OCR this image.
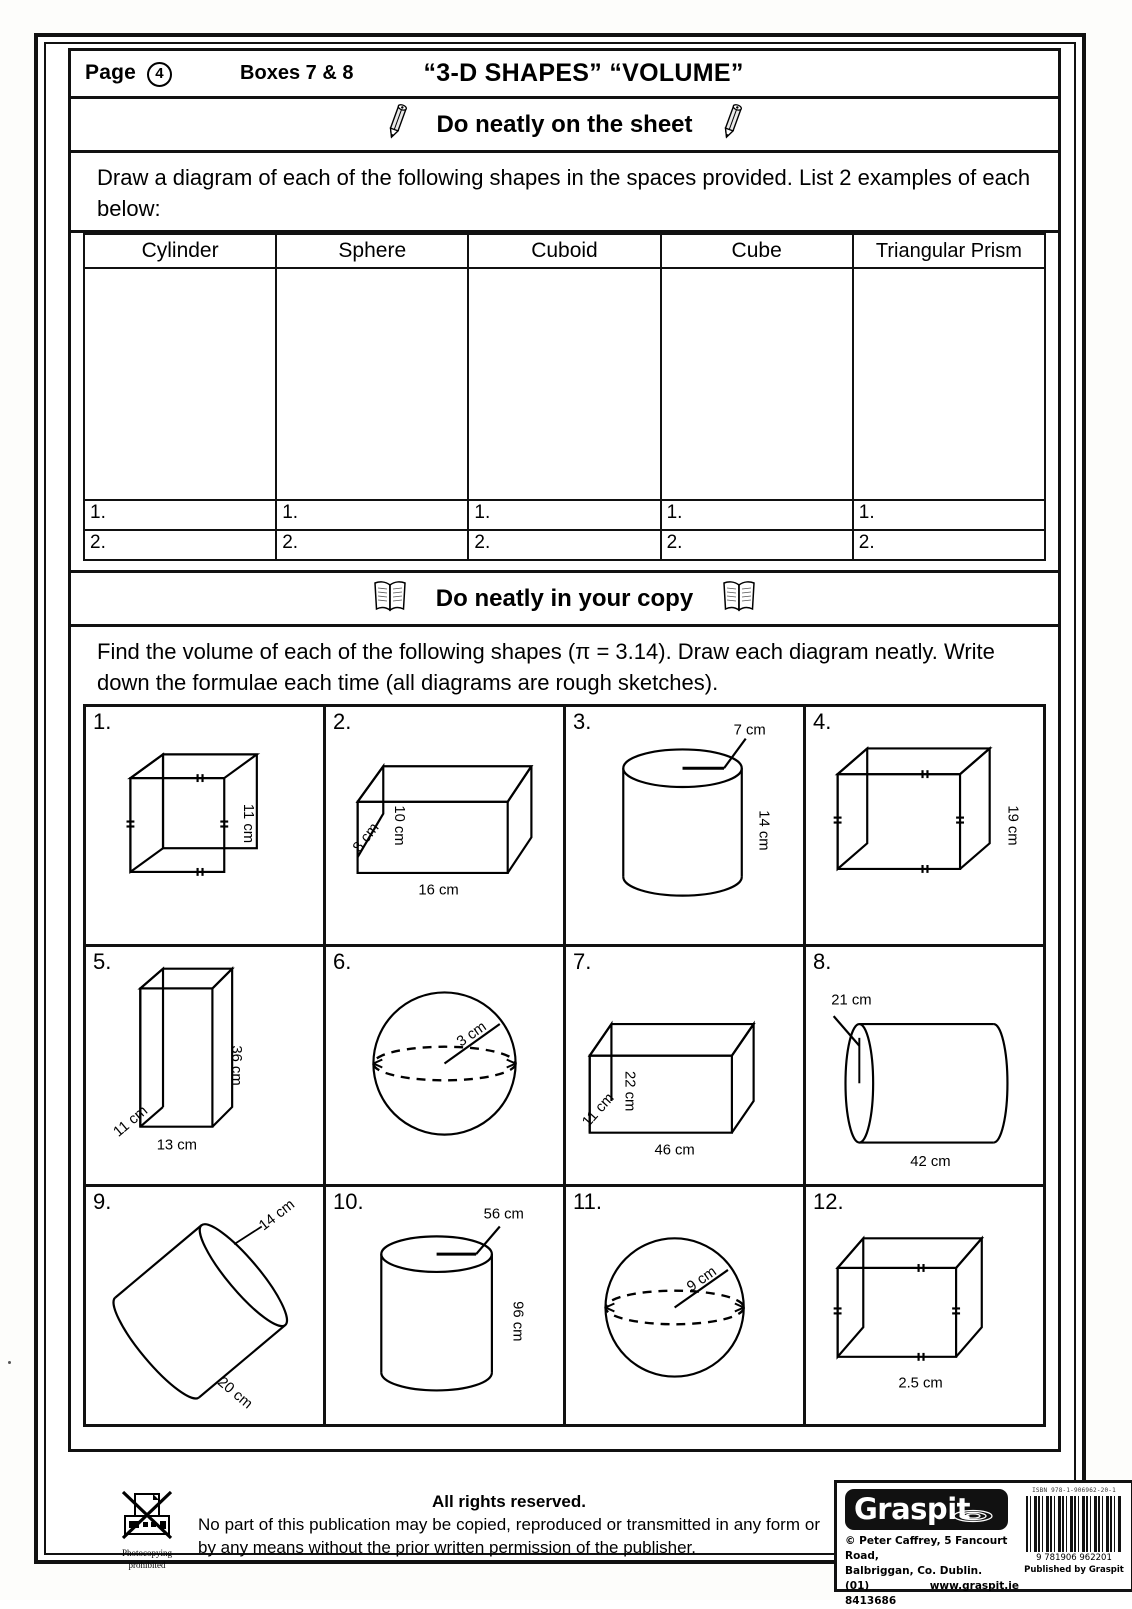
Page 4	Boxes 7 & 8	“3-D SHAPES” “VOLUME”
Do neatly on the sheet
Draw a diagram of each of the following shapes in the spaces provided. List 2 examples of each below:
Cylinder	Sphere	Cuboid	Cube	Triangular Prism

1.	1.	1.	1.	1.
2.	2.	2.	2.	2.
Do neatly in your copy
Find the volume of each of the following shapes (π = 3.14). Draw each diagram neatly. Write down the formulae each time (all diagrams are rough sketches).
1.
11 cm	2.
10 cm
8 cm
16 cm	3. 7 cm
14 cm	4.
19 cm

5.
36 cm
11 cm
13 cm	6.
3 cm	7.
22 cm
11 cm
46 cm	8.
21 cm
42 cm

9. 14 cm
20 cm	10.
56 cm
96 cm	11.
9 cm	12.
2.5 cm
Photocopying
prohibited
All rights reserved.
No part of this publication may be copied, reproduced or transmitted in any form or by any means without the prior written permission of the publisher.
Graspit
© Peter Caffrey, 5 Fancourt Road,
Balbriggan, Co. Dublin.
(01) 8413686
www.graspit.ie
ISBN 978-1-906962-20-1
9 781906 962201
Published by Graspit
